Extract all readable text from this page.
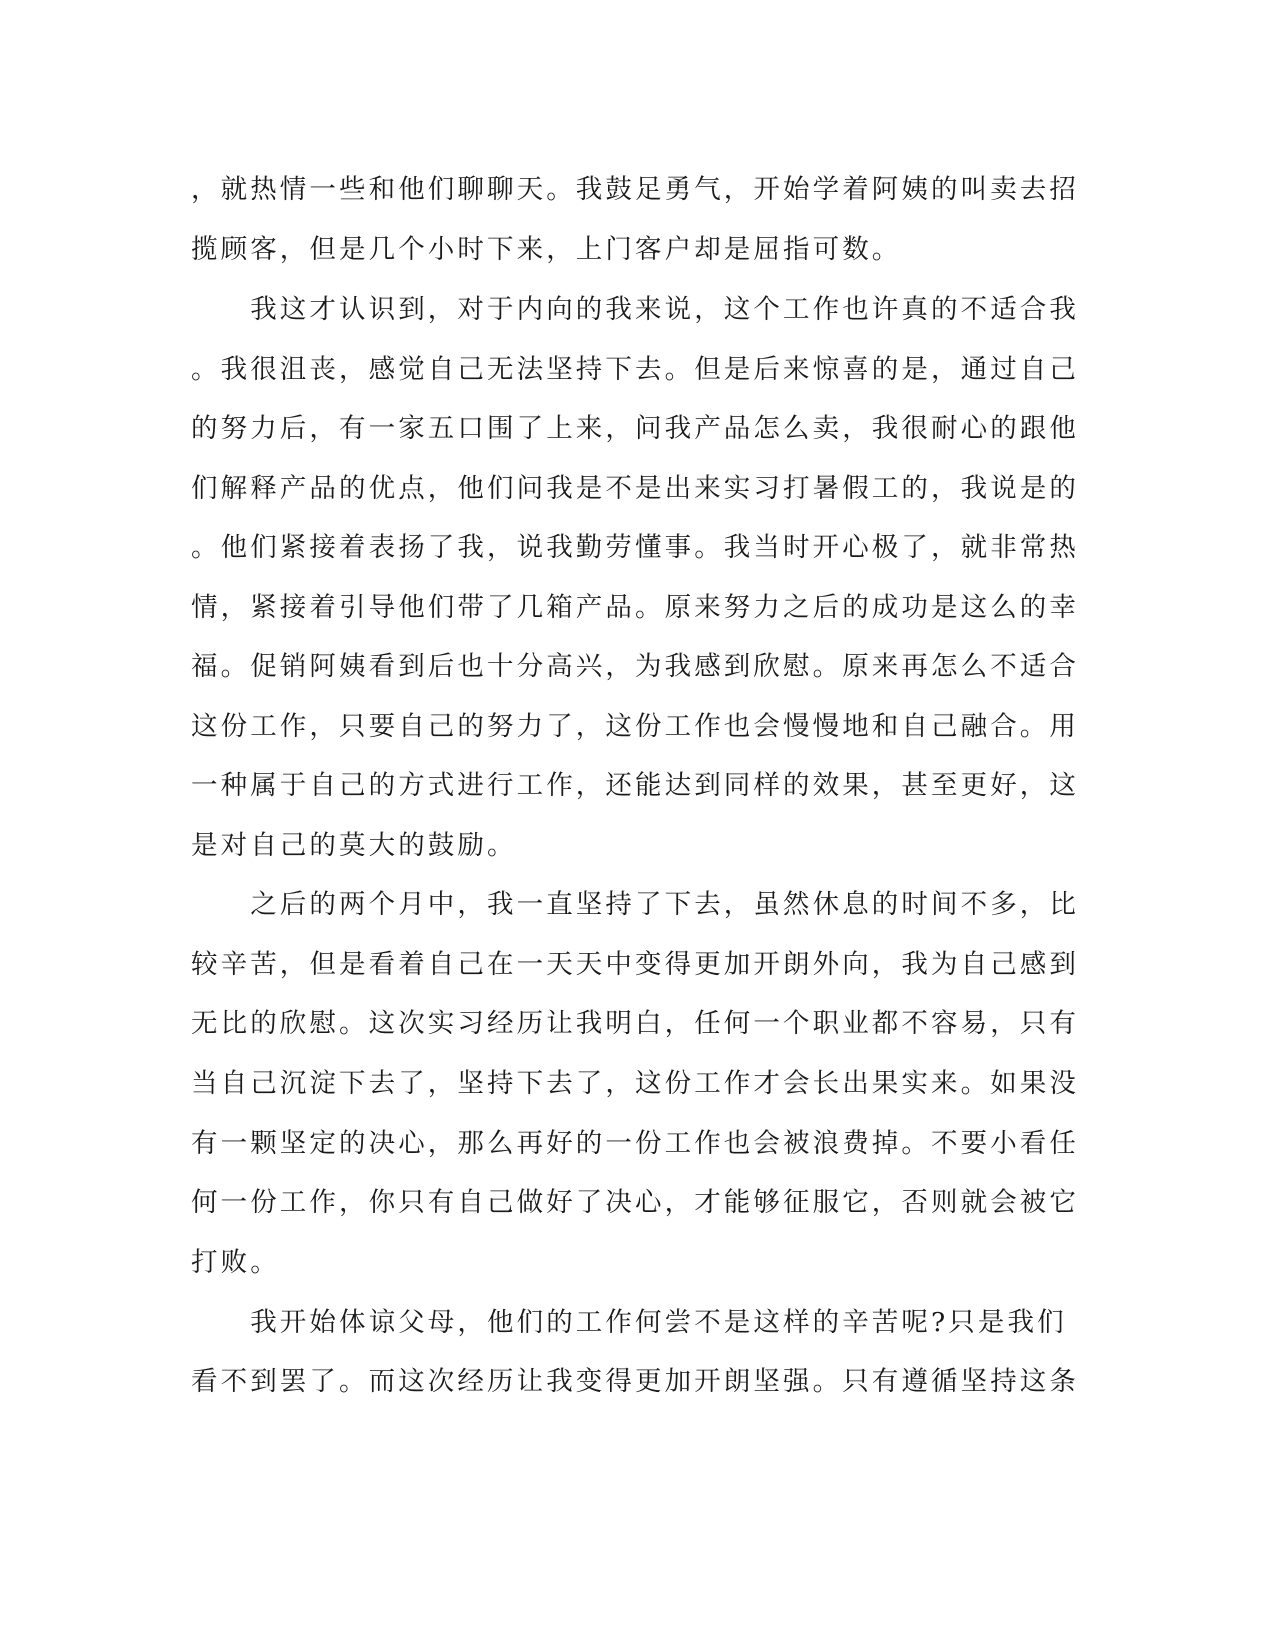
，就热情一些和他们聊聊天。我鼓足勇气，开始学着阿姨的叫卖去招
揽顾客，但是几个小时下来，上门客户却是屈指可数。
　　我这才认识到，对于内向的我来说，这个工作也许真的不适合我
。我很沮丧，感觉自己无法坚持下去。但是后来惊喜的是，通过自己
的努力后，有一家五口围了上来，问我产品怎么卖，我很耐心的跟他
们解释产品的优点，他们问我是不是出来实习打暑假工的，我说是的
。他们紧接着表扬了我，说我勤劳懂事。我当时开心极了，就非常热
情，紧接着引导他们带了几箱产品。原来努力之后的成功是这么的幸
福。促销阿姨看到后也十分高兴，为我感到欣慰。原来再怎么不适合
这份工作，只要自己的努力了，这份工作也会慢慢地和自己融合。用
一种属于自己的方式进行工作，还能达到同样的效果，甚至更好，这
是对自己的莫大的鼓励。
　　之后的两个月中，我一直坚持了下去，虽然休息的时间不多，比
较辛苦，但是看着自己在一天天中变得更加开朗外向，我为自己感到
无比的欣慰。这次实习经历让我明白，任何一个职业都不容易，只有
当自己沉淀下去了，坚持下去了，这份工作才会长出果实来。如果没
有一颗坚定的决心，那么再好的一份工作也会被浪费掉。不要小看任
何一份工作，你只有自己做好了决心，才能够征服它，否则就会被它
打败。
　　我开始体谅父母，他们的工作何尝不是这样的辛苦呢?只是我们
看不到罢了。而这次经历让我变得更加开朗坚强。只有遵循坚持这条
